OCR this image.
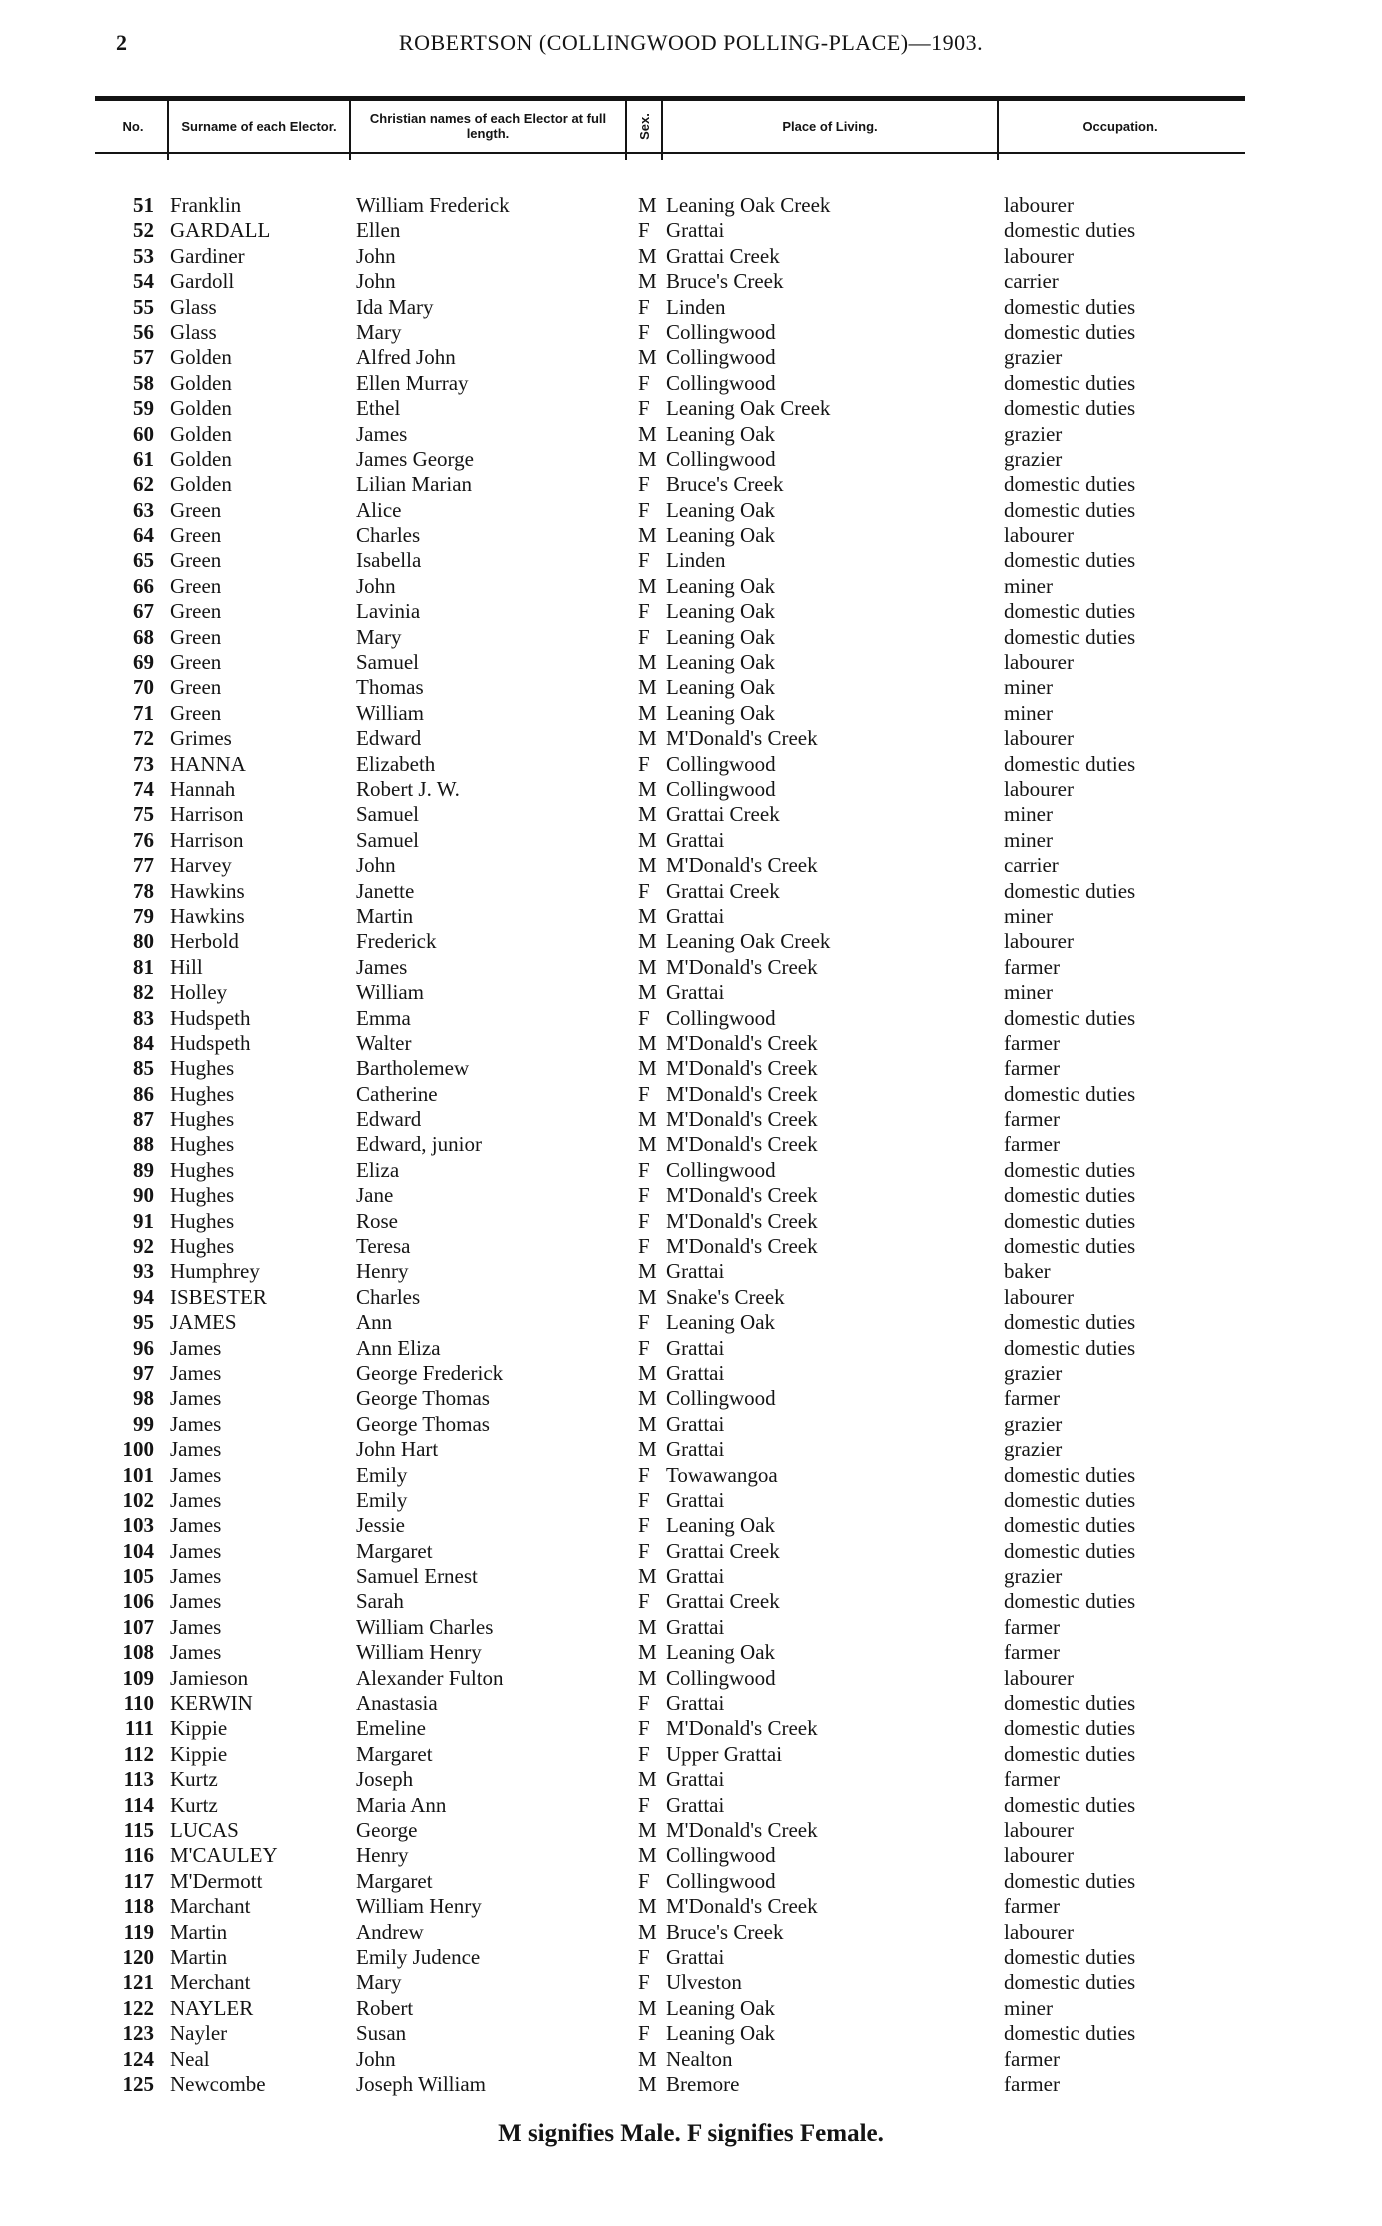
2	ROBERTSON (COLLINGWOOD POLLING-PLACE)—1903.
No.	Surname of each Elector.	Christian names of each Elector at full length.	Sex.	Place of Living.	Occupation.
51 Franklin	William Frederick	M Leaning Oak Creek	labourer
52 GARDALL	Ellen	F Grattai	domestic duties
53 Gardiner	John	M Grattai Creek	labourer
54 Gardoll	John	M Bruce's Creek	carrier
55 Glass	Ida Mary	F Linden	domestic duties
56 Glass	Mary	F Collingwood	domestic duties
57 Golden	Alfred John	M Collingwood	grazier
58 Golden	Ellen Murray	F Collingwood	domestic duties
59 Golden	Ethel	F Leaning Oak Creek	domestic duties
60 Golden	James	M Leaning Oak	grazier
61 Golden	James George	M Collingwood	grazier
62 Golden	Lilian Marian	F Bruce's Creek	domestic duties
63 Green	Alice	F Leaning Oak	domestic duties
64 Green	Charles	M Leaning Oak	labourer
65 Green	Isabella	F Linden	domestic duties
66 Green	John	M Leaning Oak	miner
67 Green	Lavinia	F Leaning Oak	domestic duties
68 Green	Mary	F Leaning Oak	domestic duties
69 Green	Samuel	M Leaning Oak	labourer
70 Green	Thomas	M Leaning Oak	miner
71 Green	William	M Leaning Oak	miner
72 Grimes	Edward	M M'Donald's Creek	labourer
73 HANNA	Elizabeth	F Collingwood	domestic duties
74 Hannah	Robert J. W.	M Collingwood	labourer
75 Harrison	Samuel	M Grattai Creek	miner
76 Harrison	Samuel	M Grattai	miner
77 Harvey	John	M M'Donald's Creek	carrier
78 Hawkins	Janette	F Grattai Creek	domestic duties
79 Hawkins	Martin	M Grattai	miner
80 Herbold	Frederick	M Leaning Oak Creek	labourer
81 Hill	James	M M'Donald's Creek	farmer
82 Holley	William	M Grattai	miner
83 Hudspeth	Emma	F Collingwood	domestic duties
84 Hudspeth	Walter	M M'Donald's Creek	farmer
85 Hughes	Bartholemew	M M'Donald's Creek	farmer
86 Hughes	Catherine	F M'Donald's Creek	domestic duties
87 Hughes	Edward	M M'Donald's Creek	farmer
88 Hughes	Edward, junior	M M'Donald's Creek	farmer
89 Hughes	Eliza	F Collingwood	domestic duties
90 Hughes	Jane	F M'Donald's Creek	domestic duties
91 Hughes	Rose	F M'Donald's Creek	domestic duties
92 Hughes	Teresa	F M'Donald's Creek	domestic duties
93 Humphrey	Henry	M Grattai	baker
94 ISBESTER	Charles	M Snake's Creek	labourer
95 JAMES	Ann	F Leaning Oak	domestic duties
96 James	Ann Eliza	F Grattai	domestic duties
97 James	George Frederick	M Grattai	grazier
98 James	George Thomas	M Collingwood	farmer
99 James	George Thomas	M Grattai	grazier
100 James	John Hart	M Grattai	grazier
101 James	Emily	F Towawangoa	domestic duties
102 James	Emily	F Grattai	domestic duties
103 James	Jessie	F Leaning Oak	domestic duties
104 James	Margaret	F Grattai Creek	domestic duties
105 James	Samuel Ernest	M Grattai	grazier
106 James	Sarah	F Grattai Creek	domestic duties
107 James	William Charles	M Grattai	farmer
108 James	William Henry	M Leaning Oak	farmer
109 Jamieson	Alexander Fulton	M Collingwood	labourer
110 KERWIN	Anastasia	F Grattai	domestic duties
111 Kippie	Emeline	F M'Donald's Creek	domestic duties
112 Kippie	Margaret	F Upper Grattai	domestic duties
113 Kurtz	Joseph	M Grattai	farmer
114 Kurtz	Maria Ann	F Grattai	domestic duties
115 LUCAS	George	M M'Donald's Creek	labourer
116 M'CAULEY	Henry	M Collingwood	labourer
117 M'Dermott	Margaret	F Collingwood	domestic duties
118 Marchant	William Henry	M M'Donald's Creek	farmer
119 Martin	Andrew	M Bruce's Creek	labourer
120 Martin	Emily Judence	F Grattai	domestic duties
121 Merchant	Mary	F Ulveston	domestic duties
122 NAYLER	Robert	M Leaning Oak	miner
123 Nayler	Susan	F Leaning Oak	domestic duties
124 Neal	John	M Nealton	farmer
125 Newcombe	Joseph William	M Bremore	farmer
M signifies Male. F signifies Female.
